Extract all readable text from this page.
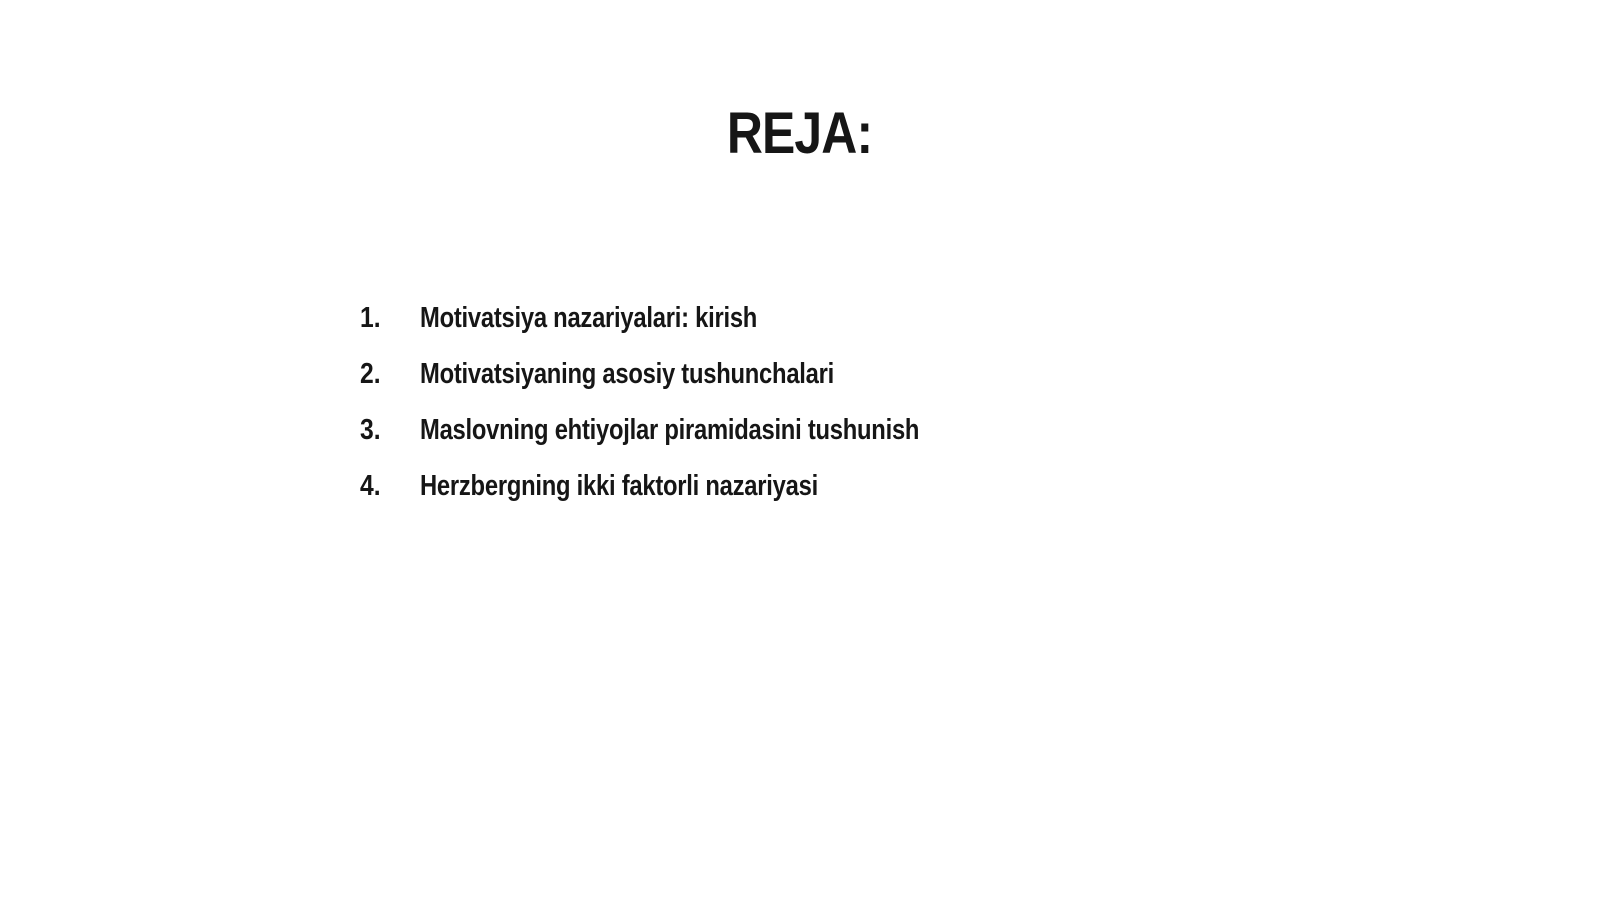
REJA:
1.	Motivatsiya nazariyalari: kirish
2.	Motivatsiyaning asosiy tushunchalari
3.	Maslovning ehtiyojlar piramidasini tushunish
4.	Herzbergning ikki faktorli nazariyasi
